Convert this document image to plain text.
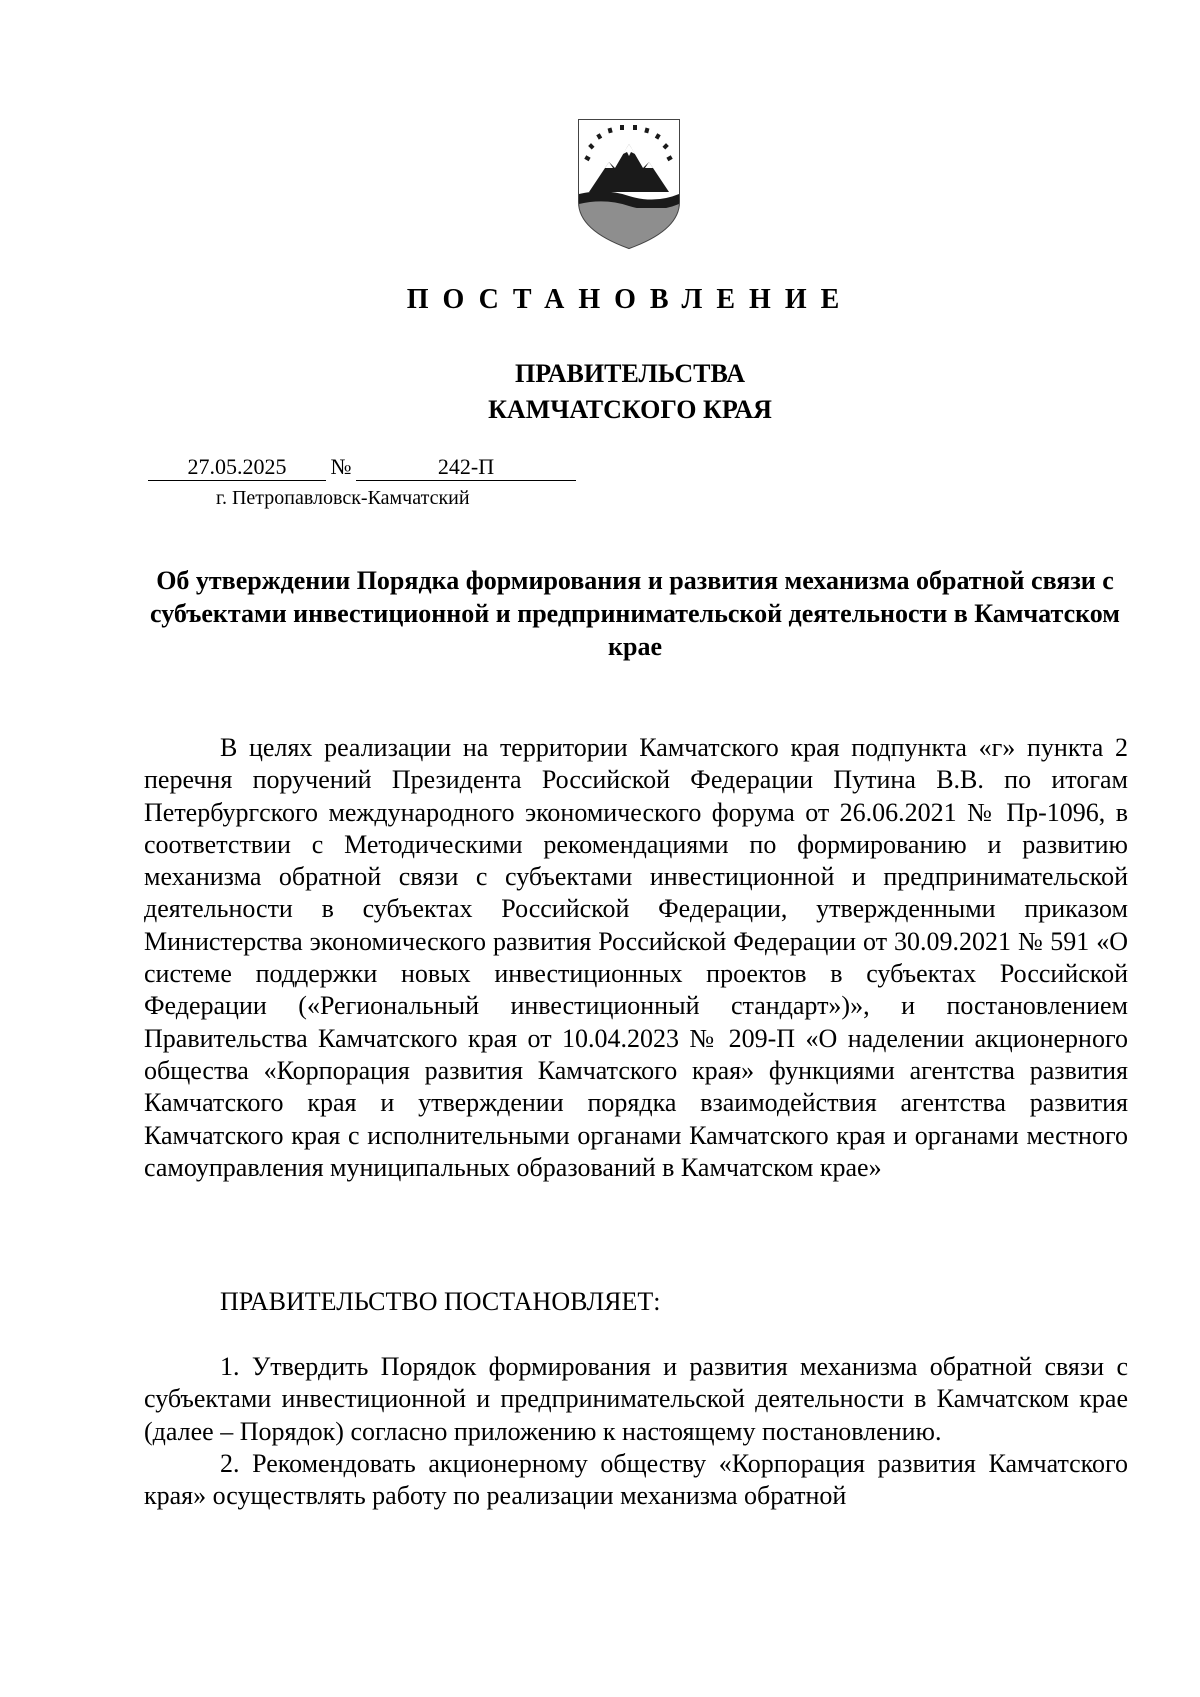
ПОСТАНОВЛЕНИЕ
ПРАВИТЕЛЬСТВА
КАМЧАТСКОГО КРАЯ
27.05.2025	№	242-П
г. Петропавловск-Камчатский
Об утверждении Порядка формирования и развития механизма обратной связи с субъектами инвестиционной и предпринимательской деятельности в Камчатском крае

В целях реализации на территории Камчатского края подпункта «г» пункта 2 перечня поручений Президента Российской Федерации Путина В.В. по итогам Петербургского международного экономического форума от 26.06.2021 № Пр-1096, в соответствии с Методическими рекомендациями по формированию и развитию механизма обратной связи с субъектами инвестиционной и предпринимательской деятельности в субъектах Российской Федерации, утвержденными приказом Министерства экономического развития Российской Федерации от 30.09.2021 № 591 «О системе поддержки новых инвестиционных проектов в субъектах Российской Федерации («Региональный инвестиционный стандарт»)», и постановлением Правительства Камчатского края от 10.04.2023 № 209-П «О наделении акционерного общества «Корпорация развития Камчатского края» функциями агентства развития Камчатского края и утверждении порядка взаимодействия агентства развития Камчатского края с исполнительными органами Камчатского края и органами местного самоуправления муниципальных образований в Камчатском крае»

ПРАВИТЕЛЬСТВО ПОСТАНОВЛЯЕТ:

1. Утвердить Порядок формирования и развития механизма обратной связи с субъектами инвестиционной и предпринимательской деятельности в Камчатском крае (далее – Порядок) согласно приложению к настоящему постановлению.

2. Рекомендовать акционерному обществу «Корпорация развития Камчатского края» осуществлять работу по реализации механизма обратной
